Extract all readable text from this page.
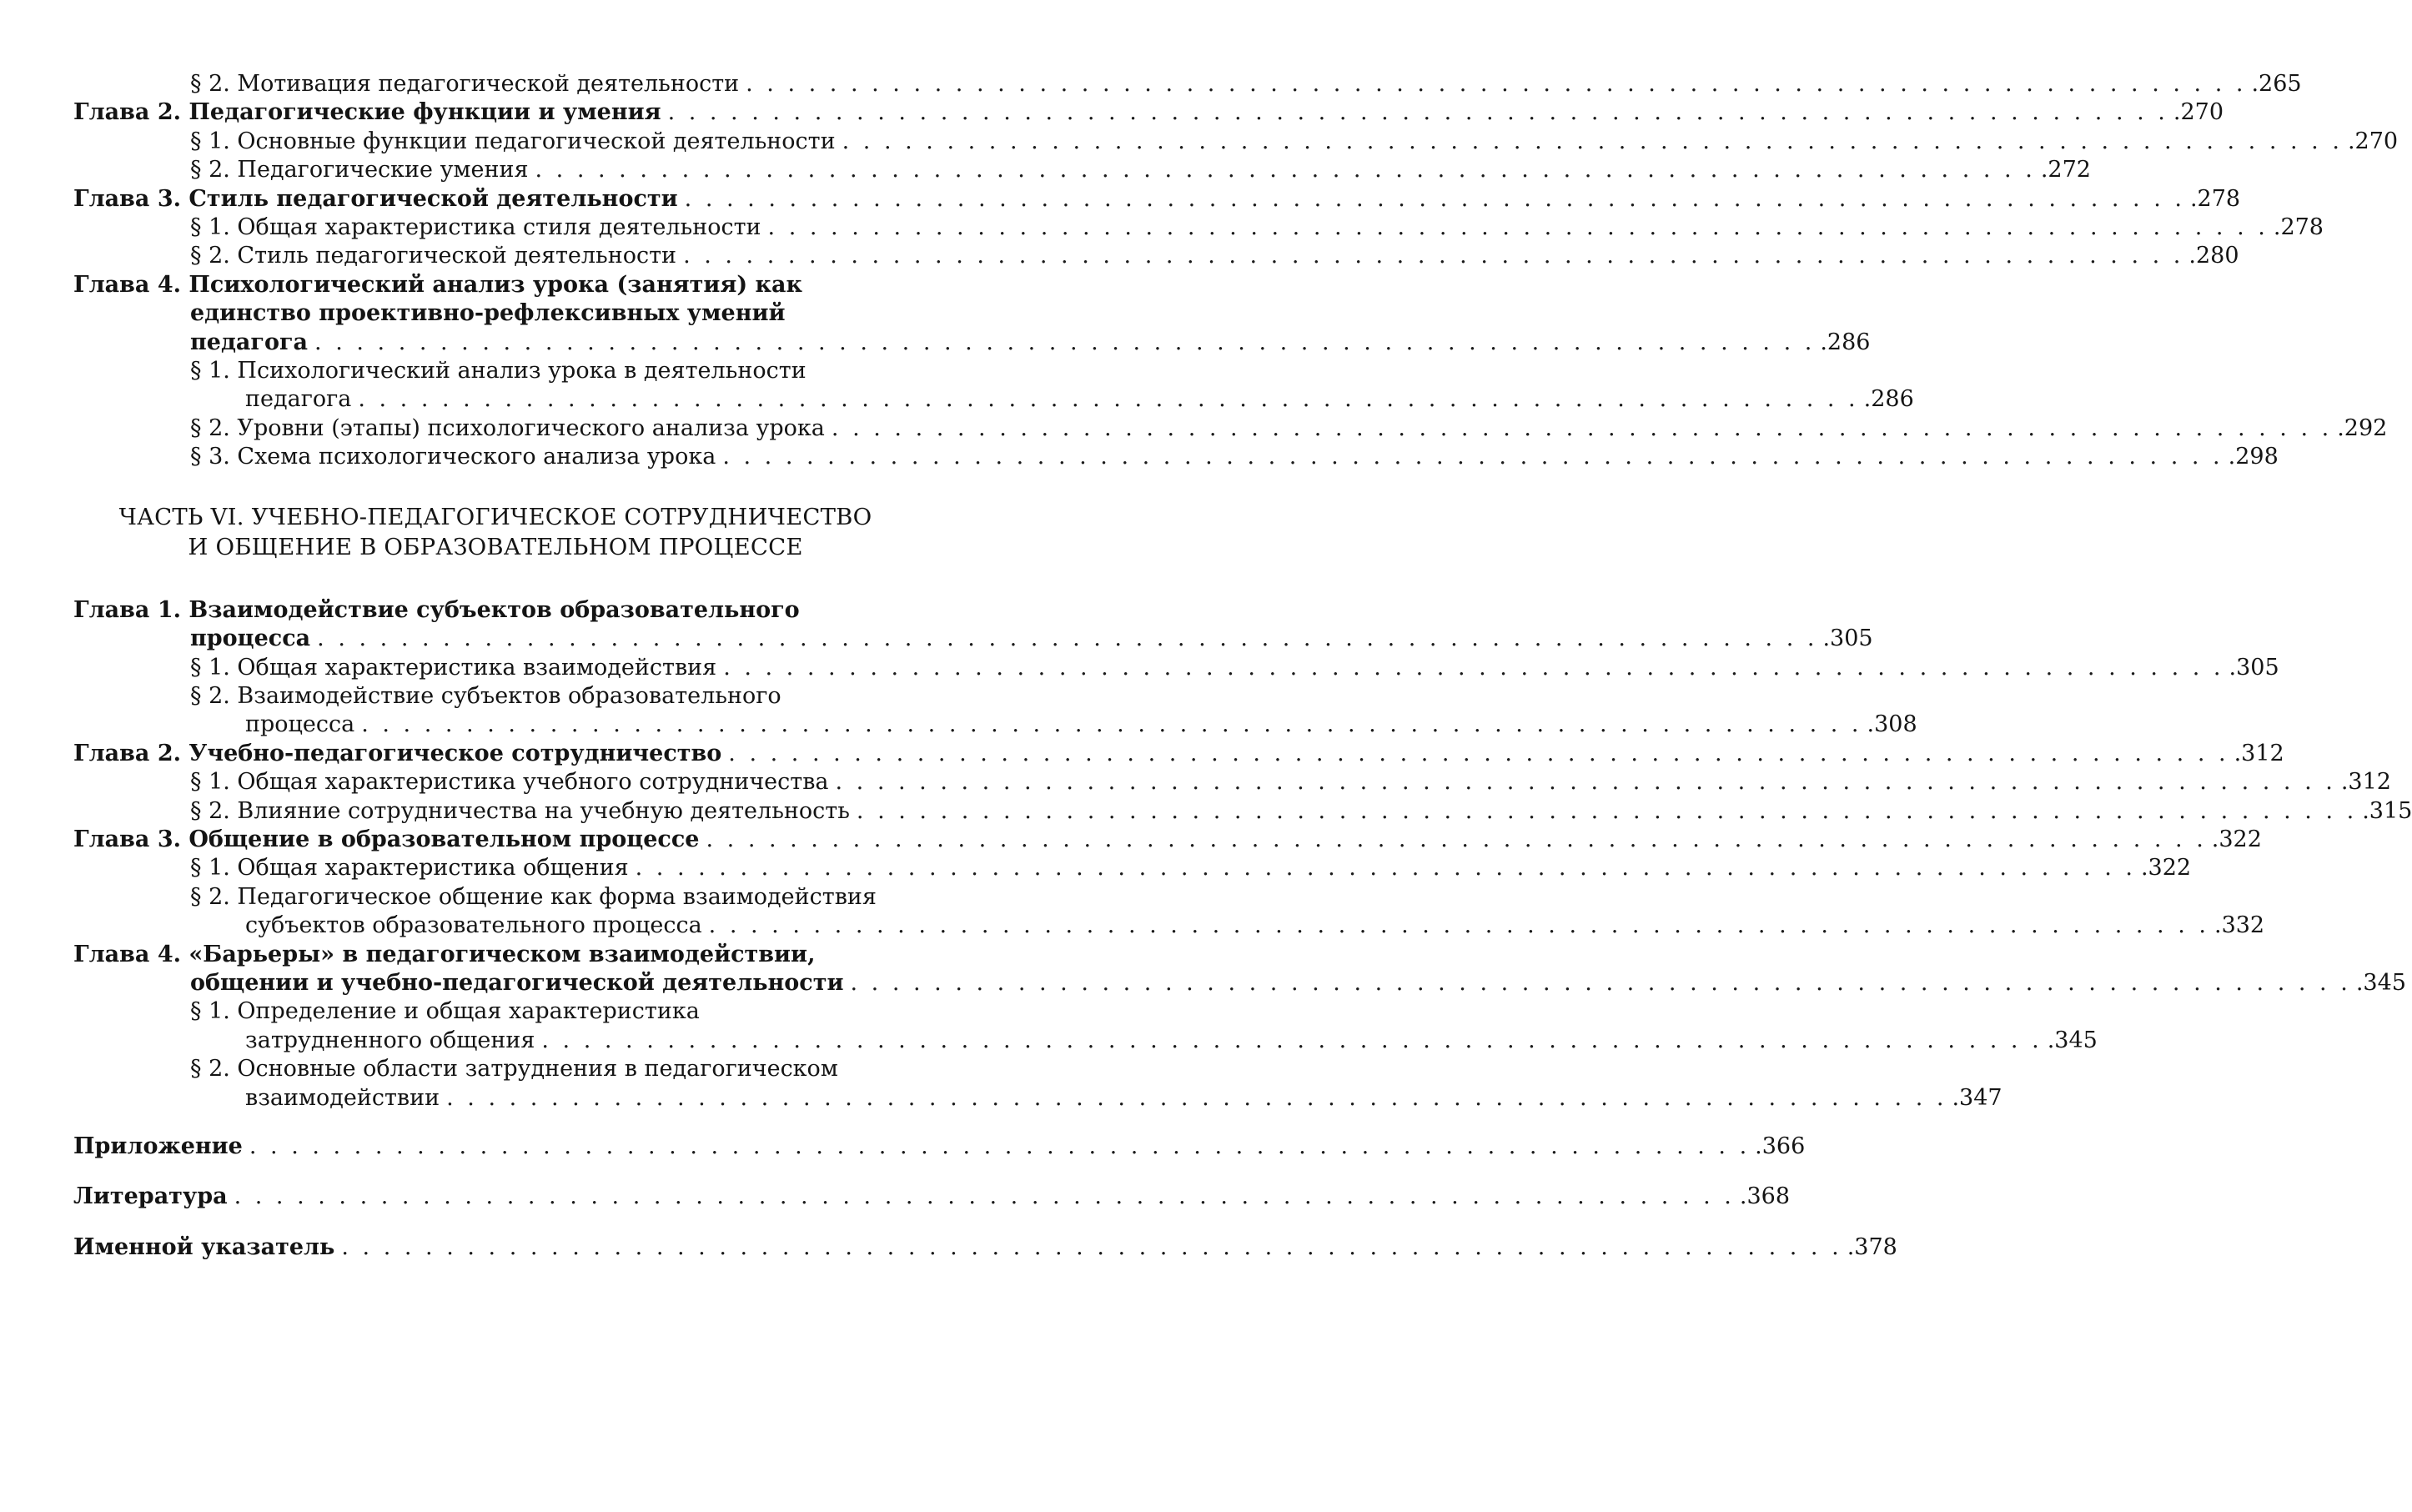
§ 2. Мотивация педагогической деятельности . . . . . . . . . . . . . . . . . . . . . . . . . . . . . . . . . . . . . . . . . . . . . . . . . . . . . . . . . . . . . . . . . . . . . . . . .265
Глава 2. Педагогические функции и умения . . . . . . . . . . . . . . . . . . . . . . . . . . . . . . . . . . . . . . . . . . . . . . . . . . . . . . . . . . . . . . . . . . . . . . . . .270
§ 1. Основные функции педагогической деятельности . . . . . . . . . . . . . . . . . . . . . . . . . . . . . . . . . . . . . . . . . . . . . . . . . . . . . . . . . . . . . . . . . . . . . . . . .270
§ 2. Педагогические умения . . . . . . . . . . . . . . . . . . . . . . . . . . . . . . . . . . . . . . . . . . . . . . . . . . . . . . . . . . . . . . . . . . . . . . . . .272
Глава 3. Стиль педагогической деятельности . . . . . . . . . . . . . . . . . . . . . . . . . . . . . . . . . . . . . . . . . . . . . . . . . . . . . . . . . . . . . . . . . . . . . . . . .278
§ 1. Общая характеристика стиля деятельности . . . . . . . . . . . . . . . . . . . . . . . . . . . . . . . . . . . . . . . . . . . . . . . . . . . . . . . . . . . . . . . . . . . . . . . . .278
§ 2. Стиль педагогической деятельности . . . . . . . . . . . . . . . . . . . . . . . . . . . . . . . . . . . . . . . . . . . . . . . . . . . . . . . . . . . . . . . . . . . . . . . . .280
Глава 4. Психологический анализ урока (занятия) как
единство проективно-рефлексивных умений
педагога . . . . . . . . . . . . . . . . . . . . . . . . . . . . . . . . . . . . . . . . . . . . . . . . . . . . . . . . . . . . . . . . . . . . . . . . .286
§ 1. Психологический анализ урока в деятельности
педагога . . . . . . . . . . . . . . . . . . . . . . . . . . . . . . . . . . . . . . . . . . . . . . . . . . . . . . . . . . . . . . . . . . . . . . . . .286
§ 2. Уровни (этапы) психологического анализа урока . . . . . . . . . . . . . . . . . . . . . . . . . . . . . . . . . . . . . . . . . . . . . . . . . . . . . . . . . . . . . . . . . . . . . . . . .292
§ 3. Схема психологического анализа урока . . . . . . . . . . . . . . . . . . . . . . . . . . . . . . . . . . . . . . . . . . . . . . . . . . . . . . . . . . . . . . . . . . . . . . . . .298
ЧАСТЬ VI. УЧЕБНО-ПЕДАГОГИЧЕСКОЕ СОТРУДНИЧЕСТВО
И ОБЩЕНИЕ В ОБРАЗОВАТЕЛЬНОМ ПРОЦЕССЕ
Глава 1. Взаимодействие субъектов образовательного
процесса . . . . . . . . . . . . . . . . . . . . . . . . . . . . . . . . . . . . . . . . . . . . . . . . . . . . . . . . . . . . . . . . . . . . . . . . .305
§ 1. Общая характеристика взаимодействия . . . . . . . . . . . . . . . . . . . . . . . . . . . . . . . . . . . . . . . . . . . . . . . . . . . . . . . . . . . . . . . . . . . . . . . . .305
§ 2. Взаимодействие субъектов образовательного
процесса . . . . . . . . . . . . . . . . . . . . . . . . . . . . . . . . . . . . . . . . . . . . . . . . . . . . . . . . . . . . . . . . . . . . . . . . .308
Глава 2. Учебно-педагогическое сотрудничество . . . . . . . . . . . . . . . . . . . . . . . . . . . . . . . . . . . . . . . . . . . . . . . . . . . . . . . . . . . . . . . . . . . . . . . . .312
§ 1. Общая характеристика учебного сотрудничества . . . . . . . . . . . . . . . . . . . . . . . . . . . . . . . . . . . . . . . . . . . . . . . . . . . . . . . . . . . . . . . . . . . . . . . . .312
§ 2. Влияние сотрудничества на учебную деятельность . . . . . . . . . . . . . . . . . . . . . . . . . . . . . . . . . . . . . . . . . . . . . . . . . . . . . . . . . . . . . . . . . . . . . . . . .315
Глава 3. Общение в образовательном процессе . . . . . . . . . . . . . . . . . . . . . . . . . . . . . . . . . . . . . . . . . . . . . . . . . . . . . . . . . . . . . . . . . . . . . . . . .322
§ 1. Общая характеристика общения . . . . . . . . . . . . . . . . . . . . . . . . . . . . . . . . . . . . . . . . . . . . . . . . . . . . . . . . . . . . . . . . . . . . . . . . .322
§ 2. Педагогическое общение как форма взаимодействия
субъектов образовательного процесса . . . . . . . . . . . . . . . . . . . . . . . . . . . . . . . . . . . . . . . . . . . . . . . . . . . . . . . . . . . . . . . . . . . . . . . . .332
Глава 4. «Барьеры» в педагогическом взаимодействии,
общении и учебно-педагогической деятельности . . . . . . . . . . . . . . . . . . . . . . . . . . . . . . . . . . . . . . . . . . . . . . . . . . . . . . . . . . . . . . . . . . . . . . . . .345
§ 1. Определение и общая характеристика
затрудненного общения . . . . . . . . . . . . . . . . . . . . . . . . . . . . . . . . . . . . . . . . . . . . . . . . . . . . . . . . . . . . . . . . . . . . . . . . .345
§ 2. Основные области затруднения в педагогическом
взаимодействии . . . . . . . . . . . . . . . . . . . . . . . . . . . . . . . . . . . . . . . . . . . . . . . . . . . . . . . . . . . . . . . . . . . . . . . . .347
Приложение . . . . . . . . . . . . . . . . . . . . . . . . . . . . . . . . . . . . . . . . . . . . . . . . . . . . . . . . . . . . . . . . . . . . . . . . .366
Литература . . . . . . . . . . . . . . . . . . . . . . . . . . . . . . . . . . . . . . . . . . . . . . . . . . . . . . . . . . . . . . . . . . . . . . . . .368
Именной указатель . . . . . . . . . . . . . . . . . . . . . . . . . . . . . . . . . . . . . . . . . . . . . . . . . . . . . . . . . . . . . . . . . . . . . . . . .378
